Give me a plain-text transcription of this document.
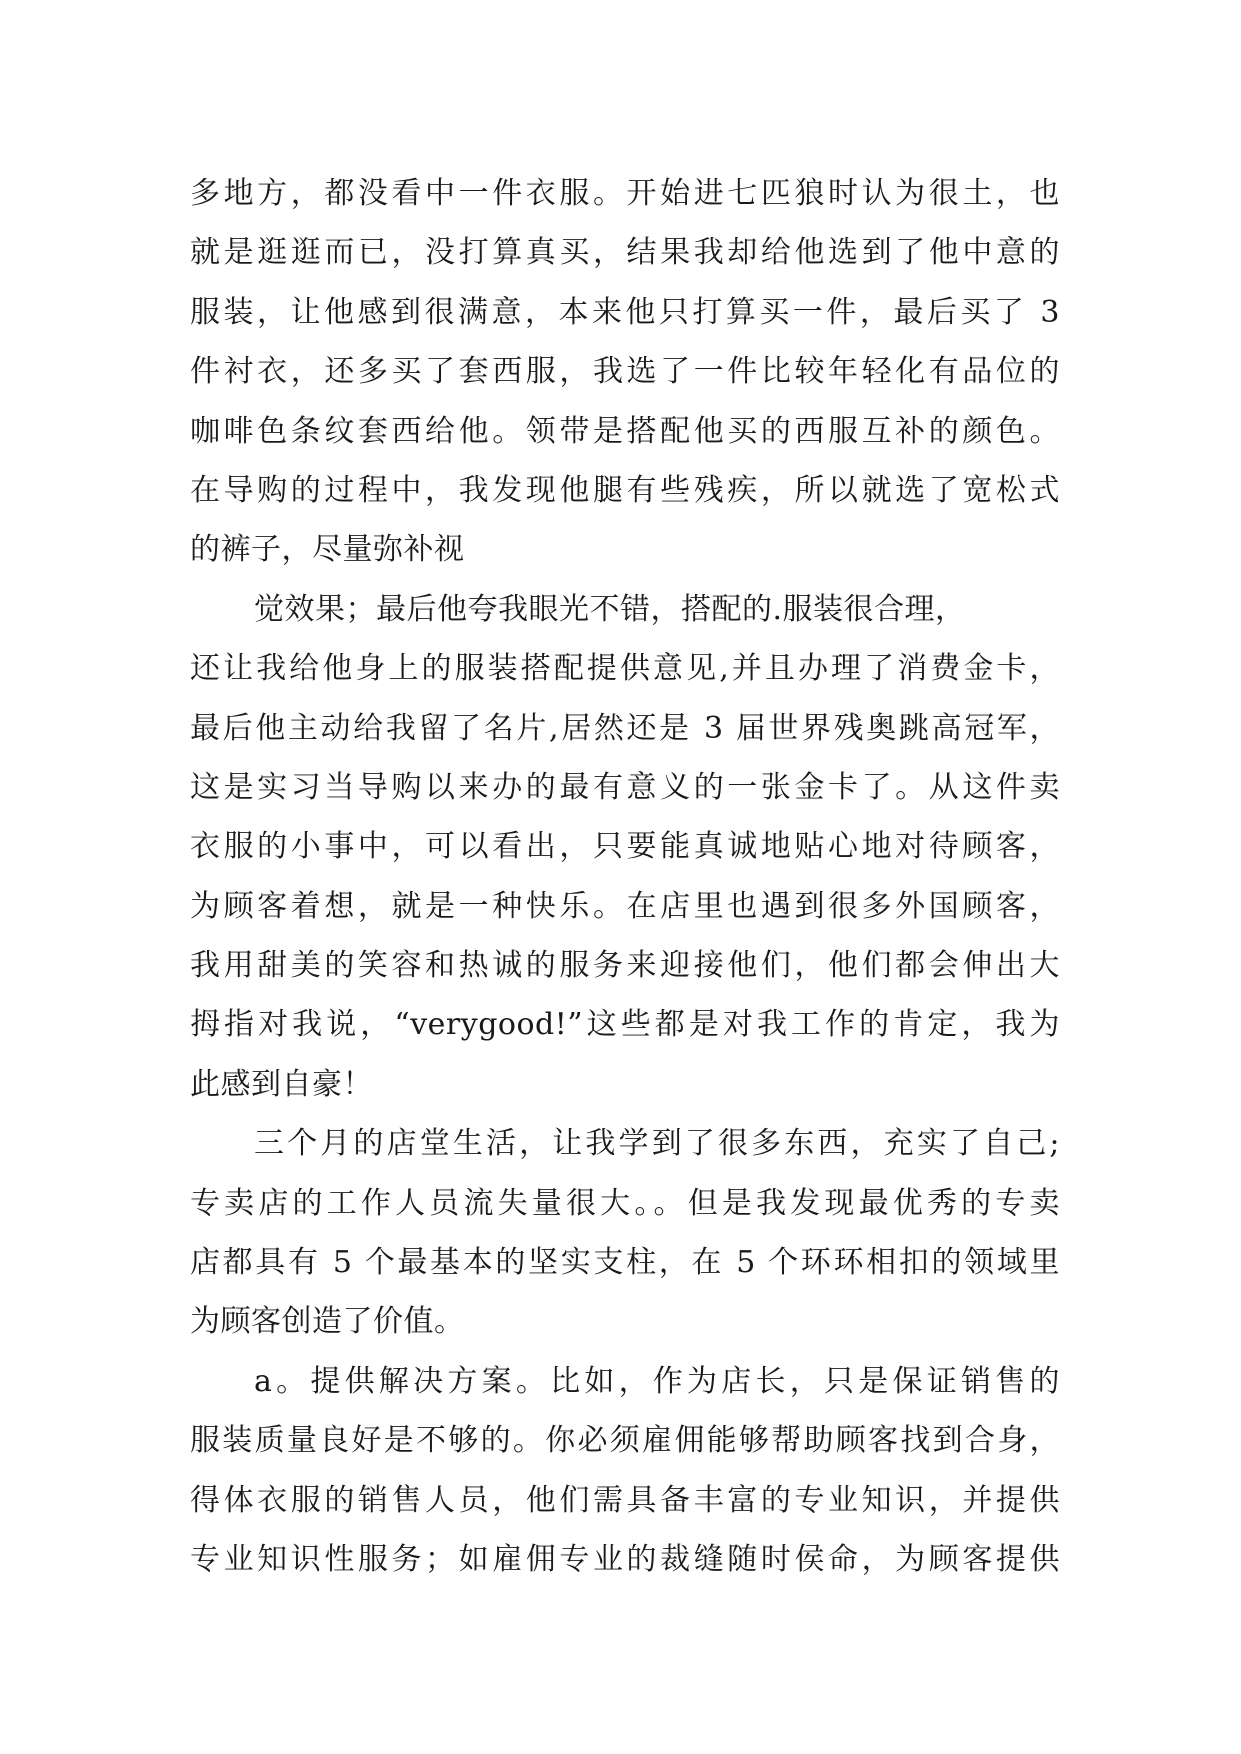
多地方，都没看中一件衣服。开始进七匹狼时认为很土，也
就是逛逛而已，没打算真买，结果我却给他选到了他中意的
服装，让他感到很满意，本来他只打算买一件，最后买了 3
件衬衣，还多买了套西服，我选了一件比较年轻化有品位的
咖啡色条纹套西给他。领带是搭配他买的西服互补的颜色。
在导购的过程中，我发现他腿有些残疾，所以就选了宽松式
的裤子，尽量弥补视
觉效果；最后他夸我眼光不错，搭配的.服装很合理，
还让我给他身上的服装搭配提供意见,并且办理了消费金卡，
最后他主动给我留了名片,居然还是 3 届世界残奥跳高冠军，
这是实习当导购以来办的最有意义的一张金卡了。从这件卖
衣服的小事中，可以看出，只要能真诚地贴心地对待顾客，
为顾客着想，就是一种快乐。在店里也遇到很多外国顾客，
我用甜美的笑容和热诚的服务来迎接他们，他们都会伸出大
拇指对我说，“verygood!”这些都是对我工作的肯定，我为
此感到自豪！
三个月的店堂生活，让我学到了很多东西，充实了自己;
专卖店的工作人员流失量很大。。但是我发现最优秀的专卖
店都具有 5 个最基本的坚实支柱，在 5 个环环相扣的领域里
为顾客创造了价值。
a。提供解决方案。比如，作为店长，只是保证销售的
服装质量良好是不够的。你必须雇佣能够帮助顾客找到合身，
得体衣服的销售人员，他们需具备丰富的专业知识，并提供
专业知识性服务；如雇佣专业的裁缝随时侯命，为顾客提供
